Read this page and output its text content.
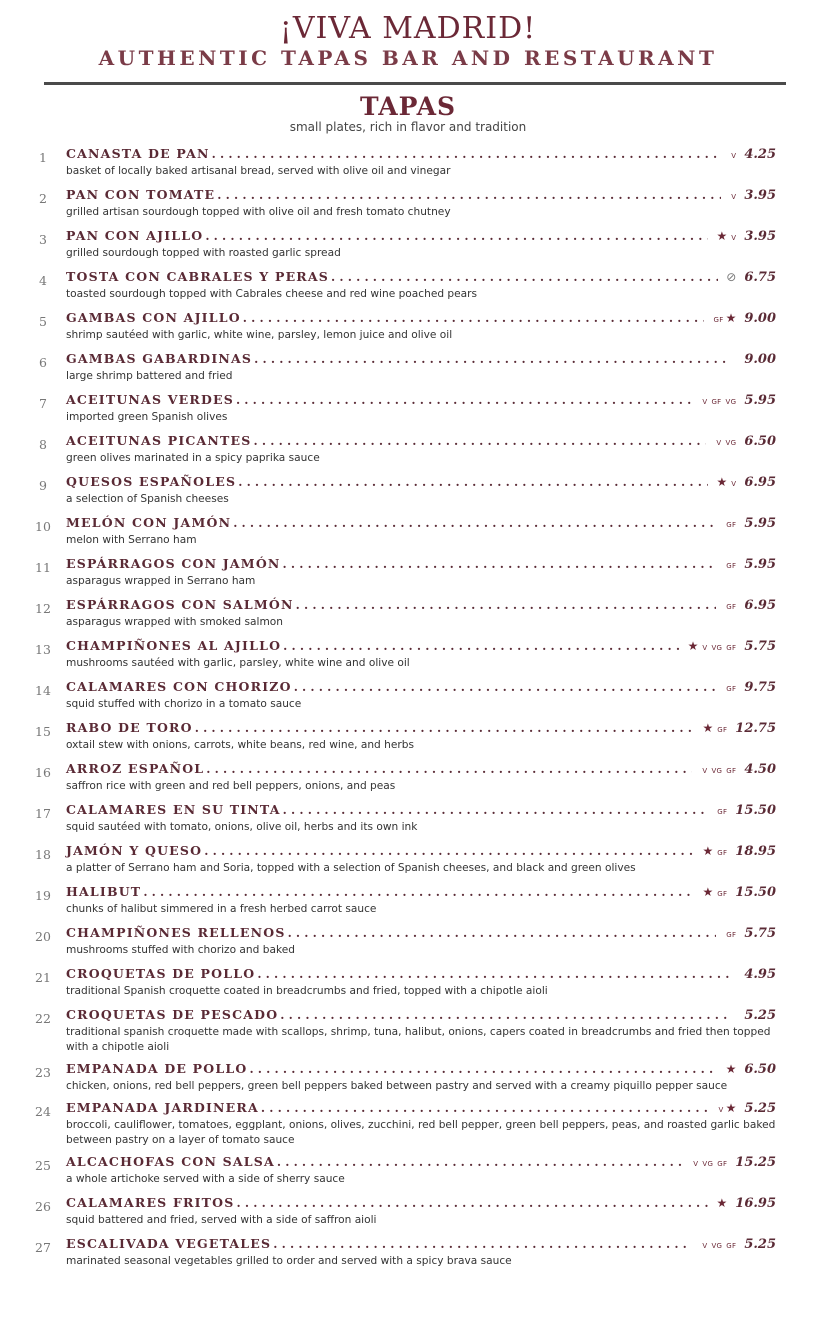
¡VIVA MADRID!
AUTHENTIC TAPAS BAR AND RESTAURANT
TAPAS
small plates, rich in flavor and tradition
1	CANASTA DE PAN . . .	V 4.25
basket of locally baked artisanal bread, served with olive oil and vinegar
2	PAN CON TOMATE . . .	V 3.95
grilled artisan sourdough topped with olive oil and fresh tomato chutney
3	PAN CON AJILLO . . .	★ V 3.95
grilled sourdough topped with roasted garlic spread
4	TOSTA CON CABRALES Y PERAS . . .	⊘ 6.75
toasted sourdough topped with Cabrales cheese and red wine poached pears
5	GAMBAS CON AJILLO . . .	GF ★ 9.00
shrimp sautéed with garlic, white wine, parsley, lemon juice and olive oil
6	GAMBAS GABARDINAS . . .	9.00
large shrimp battered and fried
7	ACEITUNAS VERDES . . .	V GF VG 5.95
imported green Spanish olives
8	ACEITUNAS PICANTES . . .	V VG 6.50
green olives marinated in a spicy paprika sauce
9	QUESOS ESPAÑOLES . . .	★ V 6.95
a selection of Spanish cheeses
10	MELÓN CON JAMÓN . . .	GF 5.95
melon with Serrano ham
11	ESPÁRRAGOS CON JAMÓN . . .	GF 5.95
asparagus wrapped in Serrano ham
12	ESPÁRRAGOS CON SALMÓN . . .	GF 6.95
asparagus wrapped with smoked salmon
13	CHAMPIÑONES AL AJILLO . . .	★ V VG GF 5.75
mushrooms sautéed with garlic, parsley, white wine and olive oil
14	CALAMARES CON CHORIZO . . .	GF 9.75
squid stuffed with chorizo in a tomato sauce
15	RABO DE TORO . . .	★ GF 12.75
oxtail stew with onions, carrots, white beans, red wine, and herbs
16	ARROZ ESPAÑOL . . .	V VG GF 4.50
saffron rice with green and red bell peppers, onions, and peas
17	CALAMARES EN SU TINTA . . .	GF 15.50
squid sautéed with tomato, onions, olive oil, herbs and its own ink
18	JAMÓN Y QUESO . . .	★ GF 18.95
a platter of Serrano ham and Soria, topped with a selection of Spanish cheeses, and black and green olives
19	HALIBUT . . .	★ GF 15.50
chunks of halibut simmered in a fresh herbed carrot sauce
20	CHAMPIÑONES RELLENOS . . .	GF 5.75
mushrooms stuffed with chorizo and baked
21	CROQUETAS DE POLLO . . .	4.95
traditional Spanish croquette coated in breadcrumbs and fried, topped with a chipotle aioli
22	CROQUETAS DE PESCADO . . .	5.25
traditional spanish croquette made with scallops, shrimp, tuna, halibut, onions, capers coated in breadcrumbs and fried then topped with a chipotle aioli
23	EMPANADA DE POLLO . . .	★ 6.50
chicken, onions, red bell peppers, green bell peppers baked between pastry and served with a creamy piquillo pepper sauce
24	EMPANADA JARDINERA . . .	V ★ 5.25
broccoli, cauliflower, tomatoes, eggplant, onions, olives, zucchini, red bell pepper, green bell peppers, peas, and roasted garlic baked between pastry on a layer of tomato sauce
25	ALCACHOFAS CON SALSA . . .	V VG GF 15.25
a whole artichoke served with a side of sherry sauce
26	CALAMARES FRITOS . . .	★ 16.95
squid battered and fried, served with a side of saffron aioli
27	ESCALIVADA VEGETALES . . .	V VG GF 5.25
marinated seasonal vegetables grilled to order and served with a spicy brava sauce
